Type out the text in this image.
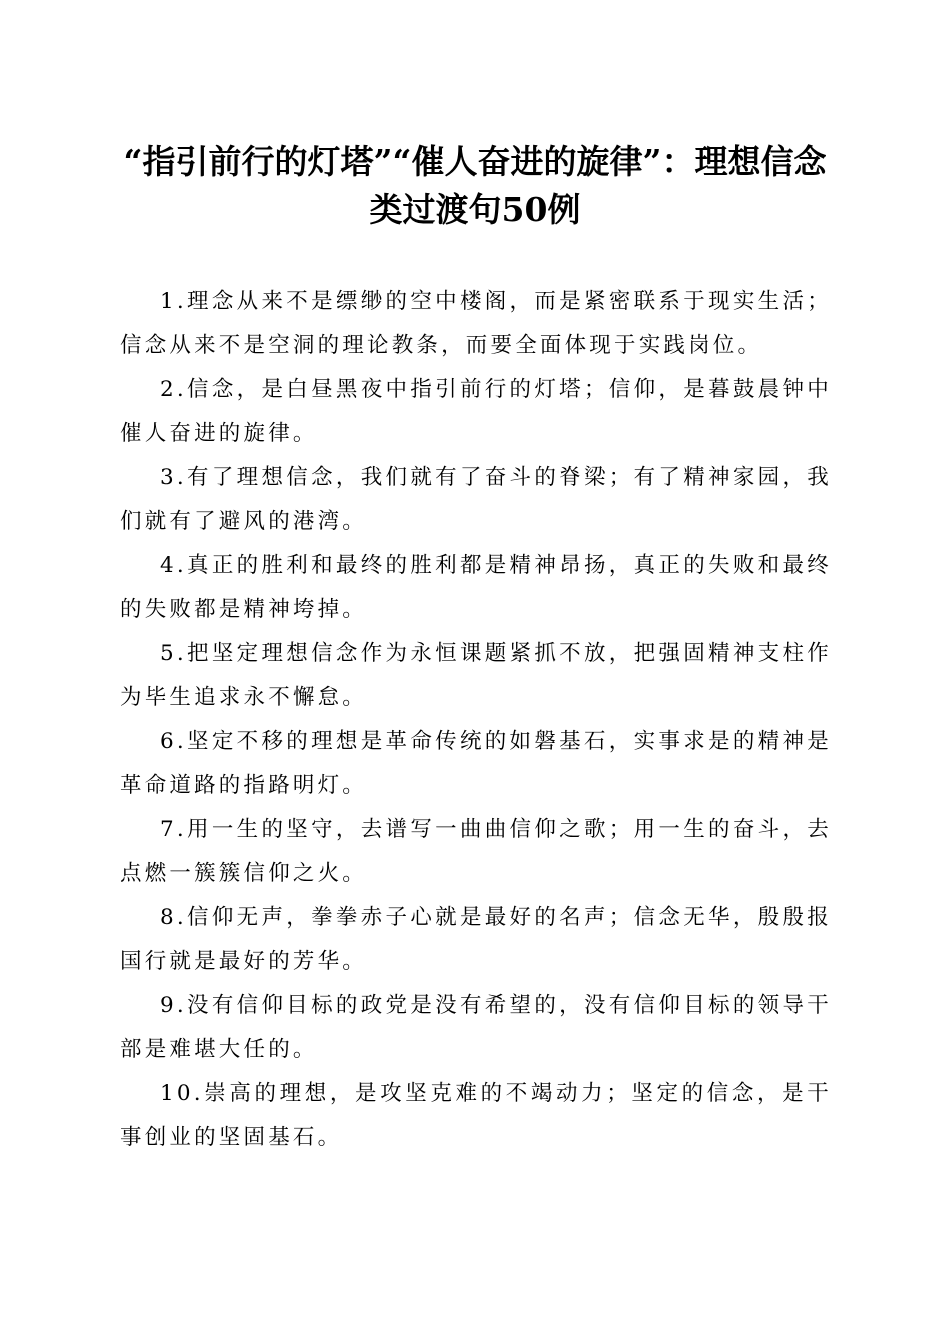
“指引前行的灯塔”“催人奋进的旋律”：理想信念类过渡句50例

1.理念从来不是缥缈的空中楼阁，而是紧密联系于现实生活；信念从来不是空洞的理论教条，而要全面体现于实践岗位。

2.信念，是白昼黑夜中指引前行的灯塔；信仰，是暮鼓晨钟中催人奋进的旋律。

3.有了理想信念，我们就有了奋斗的脊梁；有了精神家园，我们就有了避风的港湾。

4.真正的胜利和最终的胜利都是精神昂扬，真正的失败和最终的失败都是精神垮掉。

5.把坚定理想信念作为永恒课题紧抓不放，把强固精神支柱作为毕生追求永不懈怠。

6.坚定不移的理想是革命传统的如磐基石，实事求是的精神是革命道路的指路明灯。

7.用一生的坚守，去谱写一曲曲信仰之歌；用一生的奋斗，去点燃一簇簇信仰之火。

8.信仰无声，拳拳赤子心就是最好的名声；信念无华，殷殷报国行就是最好的芳华。

9.没有信仰目标的政党是没有希望的，没有信仰目标的领导干部是难堪大任的。

10.崇高的理想，是攻坚克难的不竭动力；坚定的信念，是干事创业的坚固基石。
